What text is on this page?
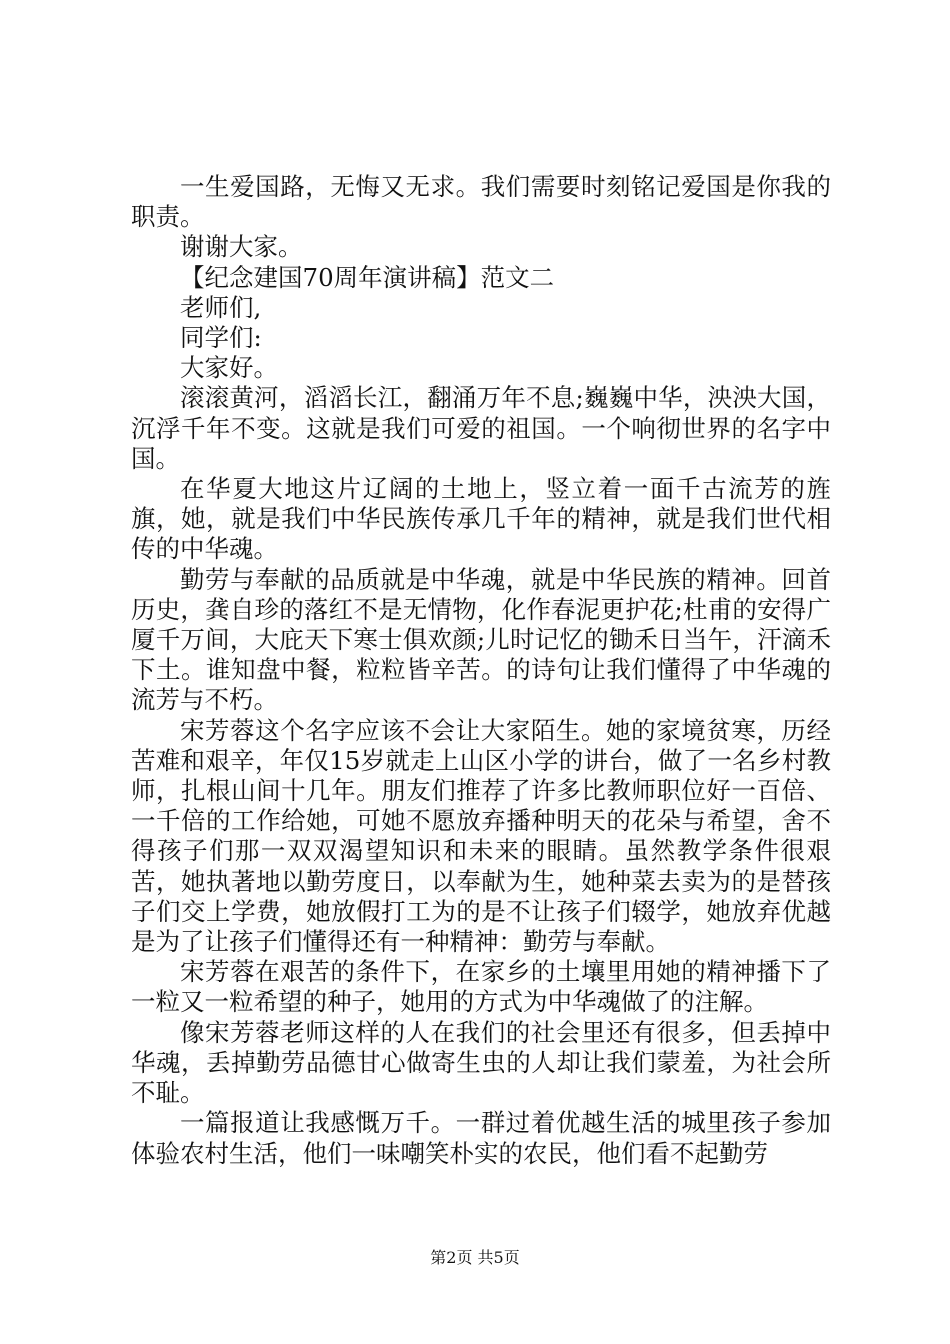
一生爱国路，无悔又无求。我们需要时刻铭记爱国是你我的职责。

谢谢大家。

【纪念建国70周年演讲稿】范文二

老师们,

同学们:

大家好。

滚滚黄河，滔滔长江，翻涌万年不息;巍巍中华，泱泱大国，沉浮千年不变。这就是我们可爱的祖国。一个响彻世界的名字中国。

在华夏大地这片辽阔的土地上，竖立着一面千古流芳的旌旗，她，就是我们中华民族传承几千年的精神，就是我们世代相传的中华魂。

勤劳与奉献的品质就是中华魂，就是中华民族的精神。回首历史，龚自珍的落红不是无情物，化作春泥更护花;杜甫的安得广厦千万间，大庇天下寒士俱欢颜;儿时记忆的锄禾日当午，汗滴禾下土。谁知盘中餐，粒粒皆辛苦。的诗句让我们懂得了中华魂的流芳与不朽。

宋芳蓉这个名字应该不会让大家陌生。她的家境贫寒，历经苦难和艰辛，年仅15岁就走上山区小学的讲台，做了一名乡村教师，扎根山间十几年。朋友们推荐了许多比教师职位好一百倍、一千倍的工作给她，可她不愿放弃播种明天的花朵与希望，舍不得孩子们那一双双渴望知识和未来的眼睛。虽然教学条件很艰苦，她执著地以勤劳度日，以奉献为生，她种菜去卖为的是替孩子们交上学费，她放假打工为的是不让孩子们辍学，她放弃优越是为了让孩子们懂得还有一种精神：勤劳与奉献。

宋芳蓉在艰苦的条件下，在家乡的土壤里用她的精神播下了一粒又一粒希望的种子，她用的方式为中华魂做了的注解。

像宋芳蓉老师这样的人在我们的社会里还有很多，但丢掉中华魂，丢掉勤劳品德甘心做寄生虫的人却让我们蒙羞，为社会所不耻。

一篇报道让我感慨万千。一群过着优越生活的城里孩子参加体验农村生活，他们一味嘲笑朴实的农民，他们看不起勤劳

第2页 共5页
